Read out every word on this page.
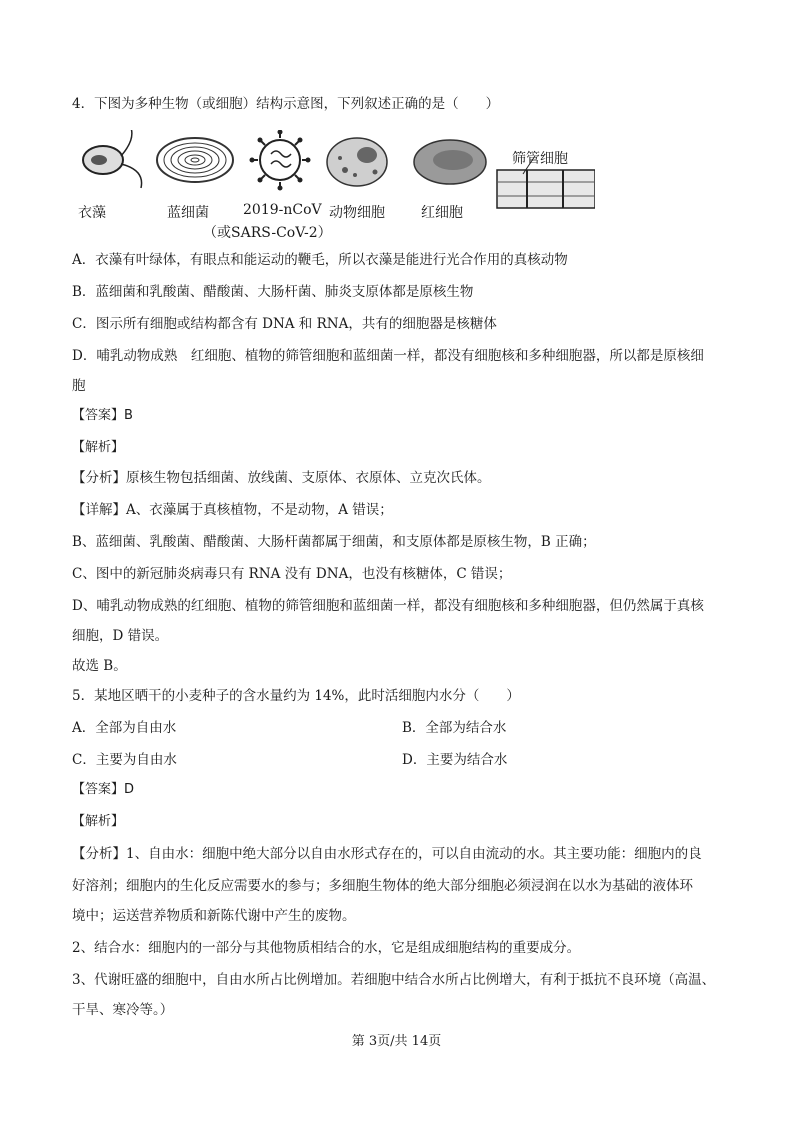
4．下图为多种生物（或细胞）结构示意图，下列叙述正确的是（　　）
衣藻	蓝细菌 2019-nCoV
（或SARS-CoV-2）
动物细胞	红细胞
筛管细胞
A．衣藻有叶绿体，有眼点和能运动的鞭毛，所以衣藻是能进行光合作用的真核动物
B．蓝细菌和乳酸菌、醋酸菌、大肠杆菌、肺炎支原体都是原核生物
C．图示所有细胞或结构都含有 DNA 和 RNA，共有的细胞器是核糖体
D．哺乳动物成熟　红细胞、植物的筛管细胞和蓝细菌一样，都没有细胞核和多种细胞器，所以都是原核细
胞
【答案】B
【解析】
【分析】原核生物包括细菌、放线菌、支原体、衣原体、立克次氏体。
【详解】A、衣藻属于真核植物，不是动物，A 错误；
B、蓝细菌、乳酸菌、醋酸菌、大肠杆菌都属于细菌，和支原体都是原核生物，B 正确；
C、图中的新冠肺炎病毒只有 RNA 没有 DNA，也没有核糖体，C 错误；
D、哺乳动物成熟的红细胞、植物的筛管细胞和蓝细菌一样，都没有细胞核和多种细胞器，但仍然属于真核
细胞，D 错误。
故选 B。
5．某地区晒干的小麦种子的含水量约为 14%，此时活细胞内水分（　　）
A．全部为自由水	B．全部为结合水
C．主要为自由水	D．主要为结合水
【答案】D
【解析】
【分析】1、自由水：细胞中绝大部分以自由水形式存在的，可以自由流动的水。其主要功能：细胞内的良
好溶剂；细胞内的生化反应需要水的参与；多细胞生物体的绝大部分细胞必须浸润在以水为基础的液体环
境中；运送营养物质和新陈代谢中产生的废物。
2、结合水：细胞内的一部分与其他物质相结合的水，它是组成细胞结构的重要成分。
3、代谢旺盛的细胞中，自由水所占比例增加。若细胞中结合水所占比例增大，有利于抵抗不良环境（高温、
干旱、寒冷等。）
第 3页/共 14页
